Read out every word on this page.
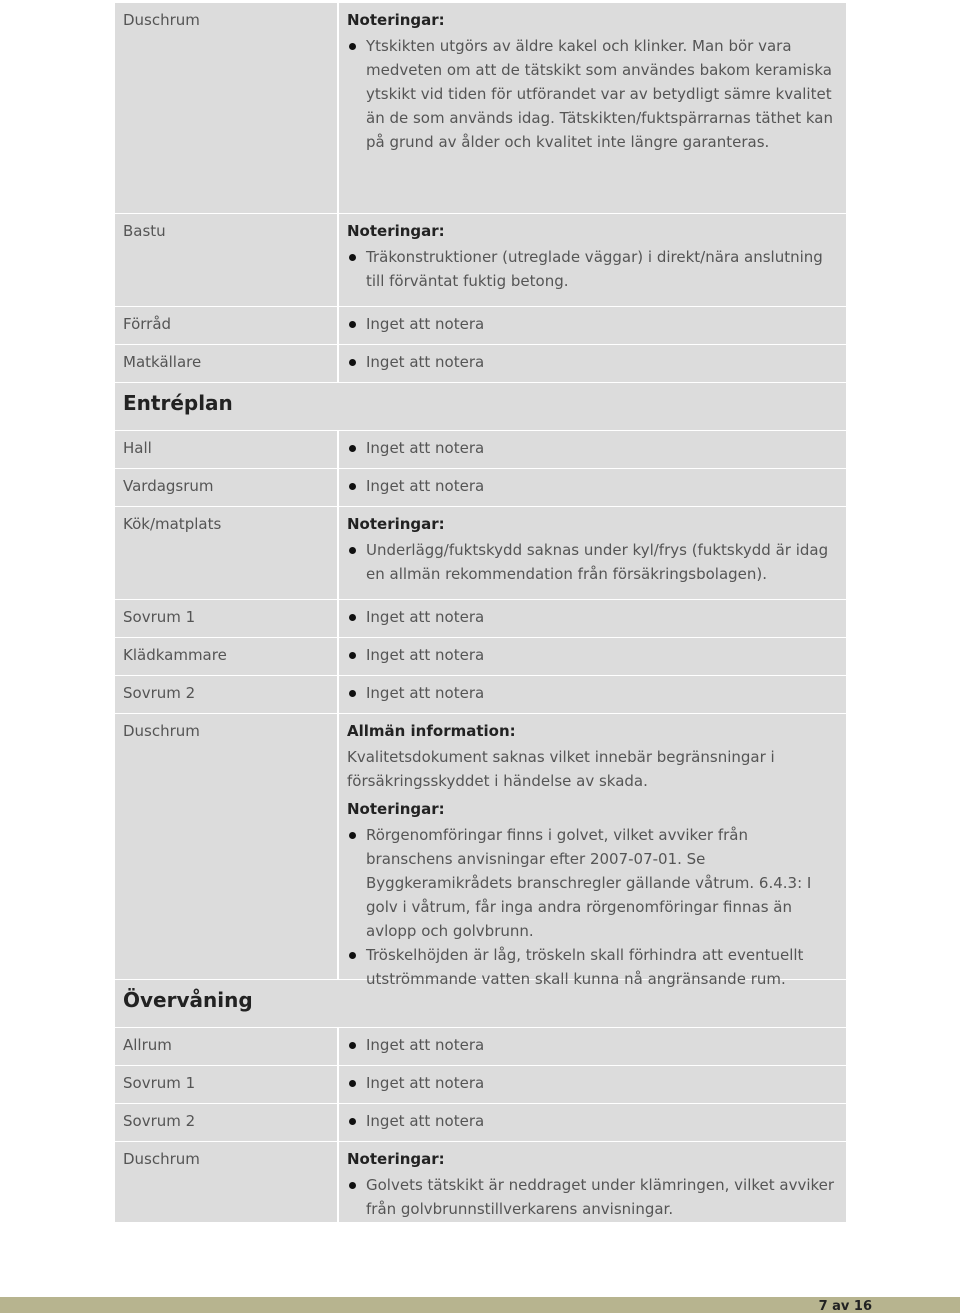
Duschrum	Noteringar:
Ytskikten utgörs av äldre kakel och klinker. Man bör vara medveten om att de tätskikt som användes bakom keramiska ytskikt vid tiden för utförandet var av betydligt sämre kvalitet än de som används idag. Tätskikten/fuktspärrarnas täthet kan på grund av ålder och kvalitet inte längre garanteras.
Bastu	Noteringar:
Träkonstruktioner (utreglade väggar) i direkt/nära anslutning till förväntat fuktig betong.
Förråd	Inget att notera
Matkällare	Inget att notera
Entréplan
Hall	Inget att notera
Vardagsrum	Inget att notera
Kök/matplats	Noteringar:
Underlägg/fuktskydd saknas under kyl/frys (fuktskydd är idag en allmän rekommendation från försäkringsbolagen).
Sovrum 1	Inget att notera
Klädkammare	Inget att notera
Sovrum 2	Inget att notera
Duschrum	Allmän information:

Kvalitetsdokument saknas vilket innebär begränsningar i försäkringsskyddet i händelse av skada.

Noteringar:
Rörgenomföringar finns i golvet, vilket avviker från branschens anvisningar efter 2007-07-01. Se Byggkeramikrådets branschregler gällande våtrum. 6.4.3: I golv i våtrum, får inga andra rörgenomföringar finnas än avlopp och golvbrunn.
Tröskelhöjden är låg, tröskeln skall förhindra att eventuellt utströmmande vatten skall kunna nå angränsande rum.
Övervåning
Allrum	Inget att notera
Sovrum 1	Inget att notera
Sovrum 2	Inget att notera
Duschrum	Noteringar:
Golvets tätskikt är neddraget under klämringen, vilket avviker från golvbrunnstillverkarens anvisningar.
7 av 16
